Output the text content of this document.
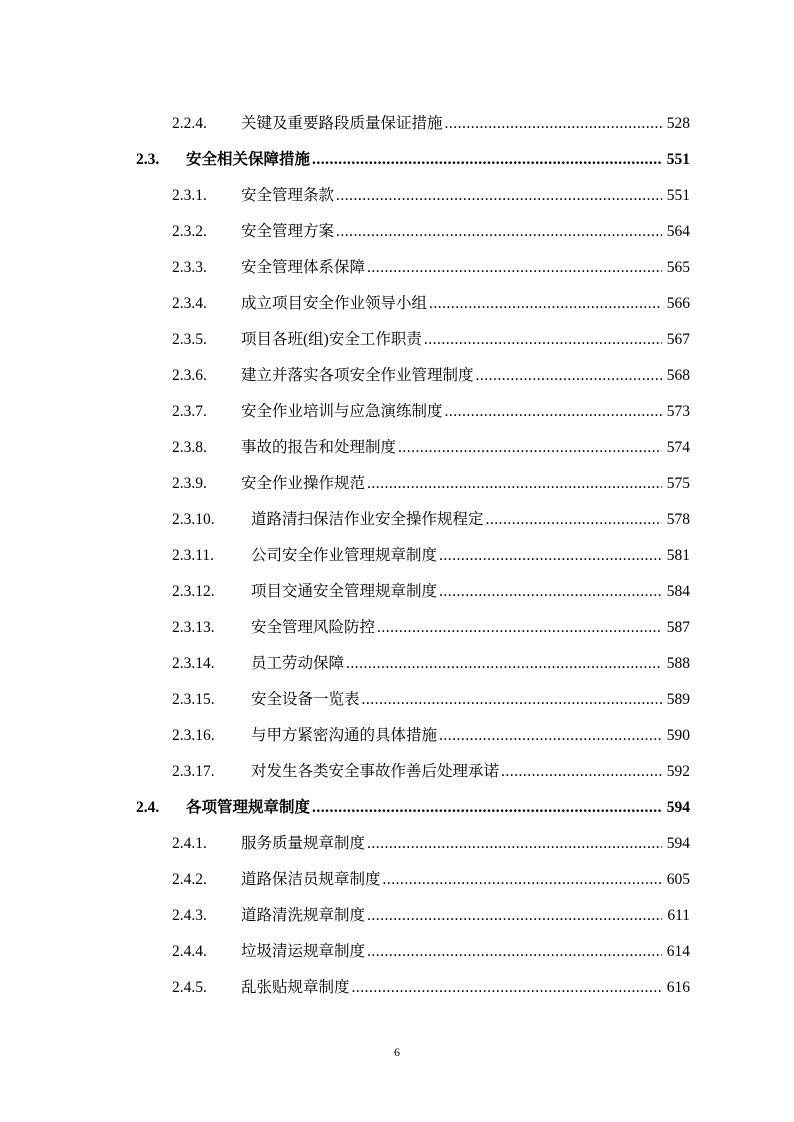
2.2.4. 关键及重要路段质量保证措施 .....	528
2.3. 安全相关保障措施 .....	551
2.3.1. 安全管理条款 .....	551
2.3.2. 安全管理方案 .....	564
2.3.3. 安全管理体系保障 .....	565
2.3.4. 成立项目安全作业领导小组 .....	566
2.3.5. 项目各班(组)安全工作职责 .....	567
2.3.6. 建立并落实各项安全作业管理制度 .....	568
2.3.7. 安全作业培训与应急演练制度 .....	573
2.3.8. 事故的报告和处理制度 .....	574
2.3.9. 安全作业操作规范 .....	575
2.3.10. 道路清扫保洁作业安全操作规程定 .....	578
2.3.11. 公司安全作业管理规章制度 .....	581
2.3.12. 项目交通安全管理规章制度 .....	584
2.3.13. 安全管理风险防控 .....	587
2.3.14. 员工劳动保障 .....	588
2.3.15. 安全设备一览表 .....	589
2.3.16. 与甲方紧密沟通的具体措施 .....	590
2.3.17. 对发生各类安全事故作善后处理承诺 .....	592
2.4. 各项管理规章制度 .....	594
2.4.1. 服务质量规章制度 .....	594
2.4.2. 道路保洁员规章制度 .....	605
2.4.3. 道路清洗规章制度 .....	611
2.4.4. 垃圾清运规章制度 .....	614
2.4.5. 乱张贴规章制度 .....	616
6
